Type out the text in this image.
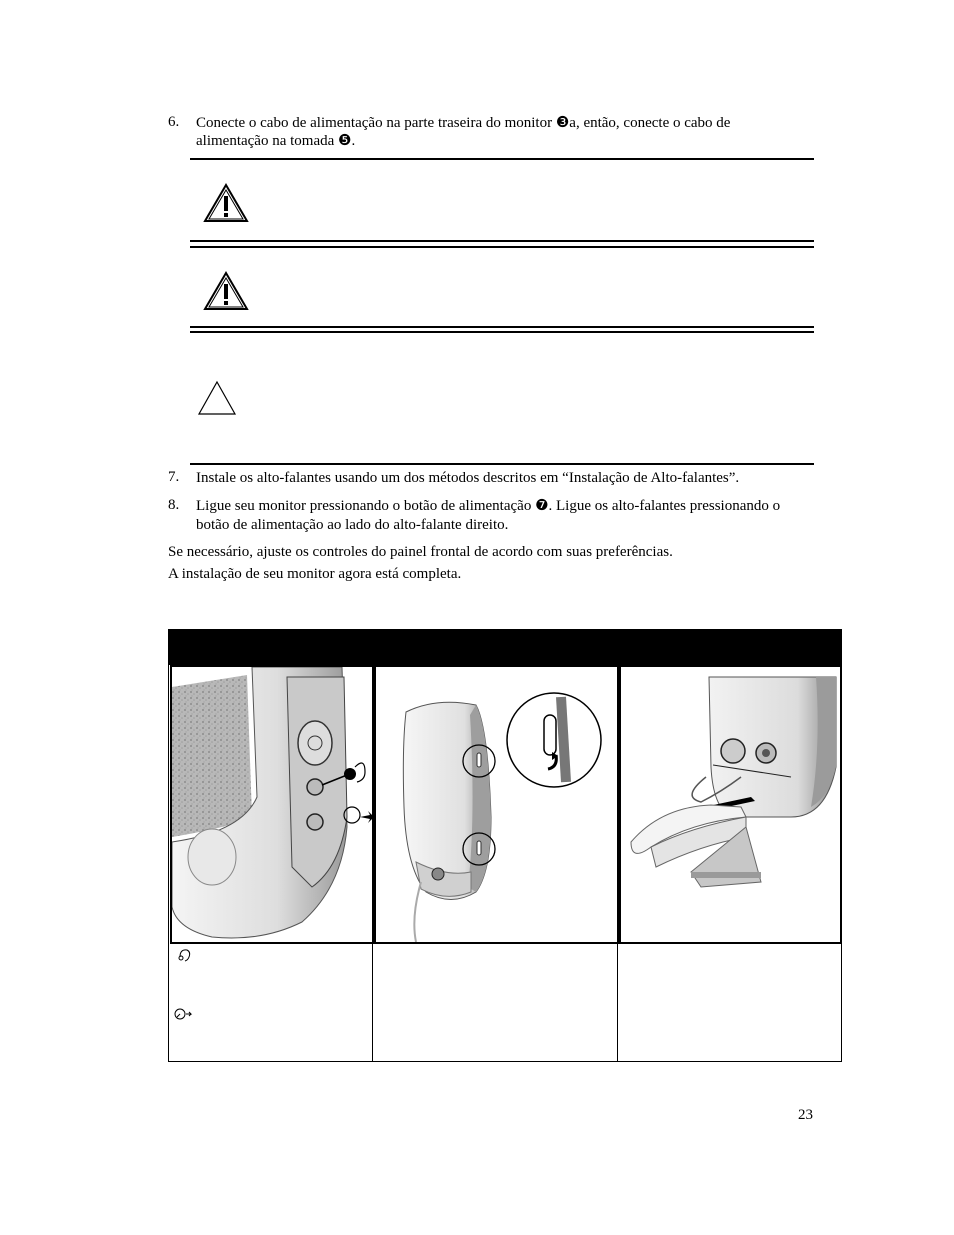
6. Conecte o cabo de alimentação na parte traseira do monitor ❸a, então, conecte o cabo de
alimentação na tomada ❺.
7. Instale os alto-falantes usando um dos métodos descritos em “Instalação de Alto-falantes”.
8. Ligue seu monitor pressionando o botão de alimentação ❼. Ligue os alto-falantes pressionando o
botão de alimentação ao lado do alto-falante direito.
Se necessário, ajuste os controles do painel frontal de acordo com suas preferências.
A instalação de seu monitor agora está completa.
23
